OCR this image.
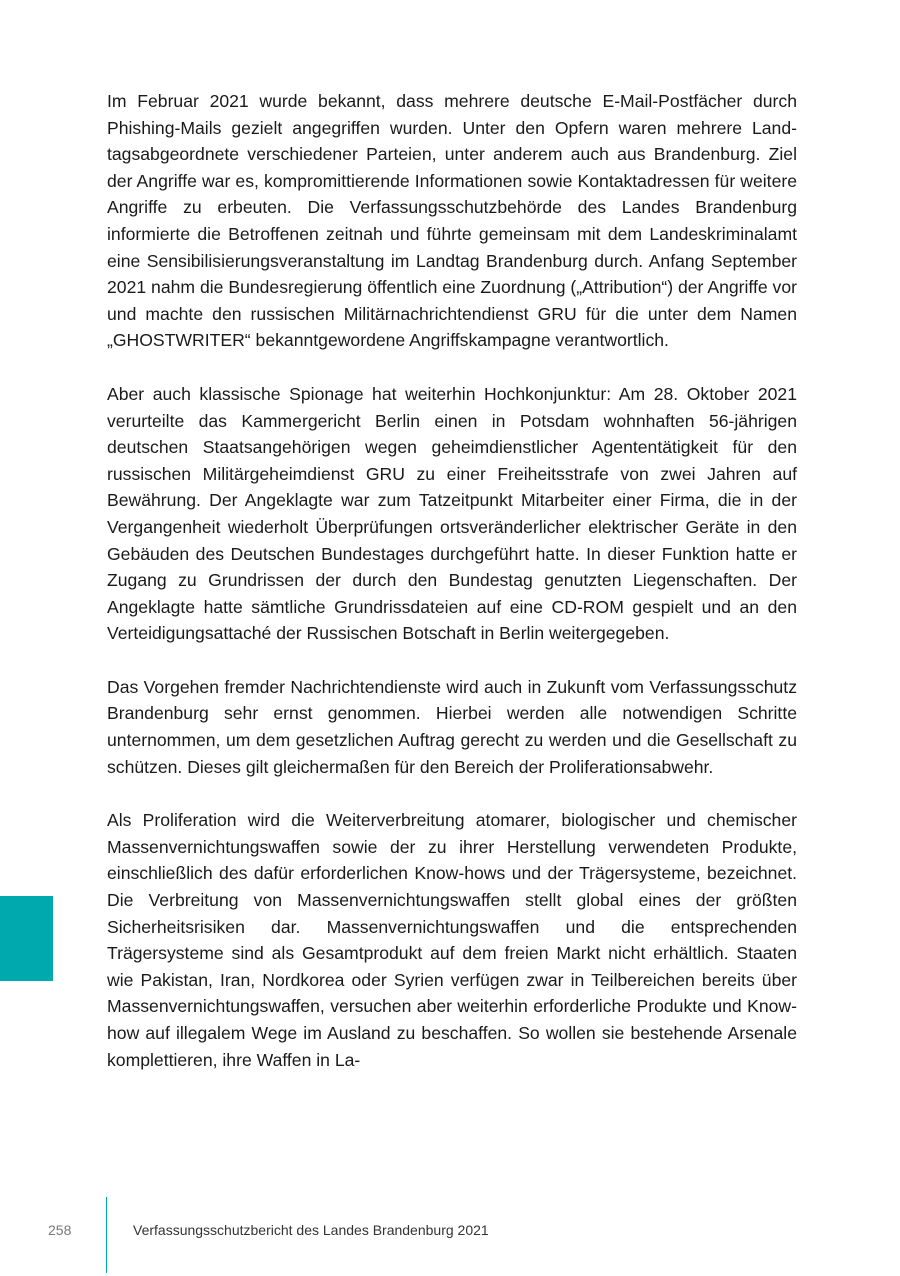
Im Februar 2021 wurde bekannt, dass mehrere deutsche E-Mail-Postfächer durch Phishing-Mails gezielt angegriffen wurden. Unter den Opfern waren mehrere Landtagsabgeordnete verschiedener Parteien, unter anderem auch aus Brandenburg. Ziel der Angriffe war es, kompromittierende Informationen sowie Kontaktadressen für weitere Angriffe zu erbeuten. Die Verfassungsschutzbehörde des Landes Brandenburg informierte die Betroffenen zeitnah und führte gemeinsam mit dem Landeskriminalamt eine Sensibilisierungsveranstaltung im Landtag Brandenburg durch. Anfang September 2021 nahm die Bundesregierung öffentlich eine Zuordnung („Attribution“) der Angriffe vor und machte den russischen Militärnachrichtendienst GRU für die unter dem Namen „GHOSTWRITER“ bekanntgewordene Angriffskampagne verantwortlich.

Aber auch klassische Spionage hat weiterhin Hochkonjunktur: Am 28. Oktober 2021 verurteilte das Kammergericht Berlin einen in Potsdam wohnhaften 56-jährigen deutschen Staatsangehörigen wegen geheimdienstlicher Agententätigkeit für den russischen Militärgeheimdienst GRU zu einer Freiheitsstrafe von zwei Jahren auf Bewährung. Der Angeklagte war zum Tatzeitpunkt Mitarbeiter einer Firma, die in der Vergangenheit wiederholt Überprüfungen ortsveränderlicher elektrischer Geräte in den Gebäuden des Deutschen Bundestages durchgeführt hatte. In dieser Funktion hatte er Zugang zu Grundrissen der durch den Bundestag genutzten Liegenschaften. Der Angeklagte hatte sämtliche Grundrissdateien auf eine CD-ROM gespielt und an den Verteidigungsattaché der Russischen Botschaft in Berlin weitergegeben.

Das Vorgehen fremder Nachrichtendienste wird auch in Zukunft vom Verfassungsschutz Brandenburg sehr ernst genommen. Hierbei werden alle notwendigen Schritte unternommen, um dem gesetzlichen Auftrag gerecht zu werden und die Gesellschaft zu schützen. Dieses gilt gleichermaßen für den Bereich der Proliferationsabwehr.

Als Proliferation wird die Weiterverbreitung atomarer, biologischer und chemischer Massenvernichtungswaffen sowie der zu ihrer Herstellung verwendeten Produkte, einschließlich des dafür erforderlichen Know-hows und der Trägersysteme, bezeichnet. Die Verbreitung von Massenvernichtungswaffen stellt global eines der größten Sicherheitsrisiken dar. Massenvernichtungswaffen und die entsprechenden Trägersysteme sind als Gesamtprodukt auf dem freien Markt nicht erhältlich. Staaten wie Pakistan, Iran, Nordkorea oder Syrien verfügen zwar in Teilbereichen bereits über Massenvernichtungswaffen, versuchen aber weiterhin erforderliche Produkte und Know-how auf illegalem Wege im Ausland zu beschaffen. So wollen sie bestehende Arsenale komplettieren, ihre Waffen in La-

258	Verfassungsschutzbericht des Landes Brandenburg 2021
